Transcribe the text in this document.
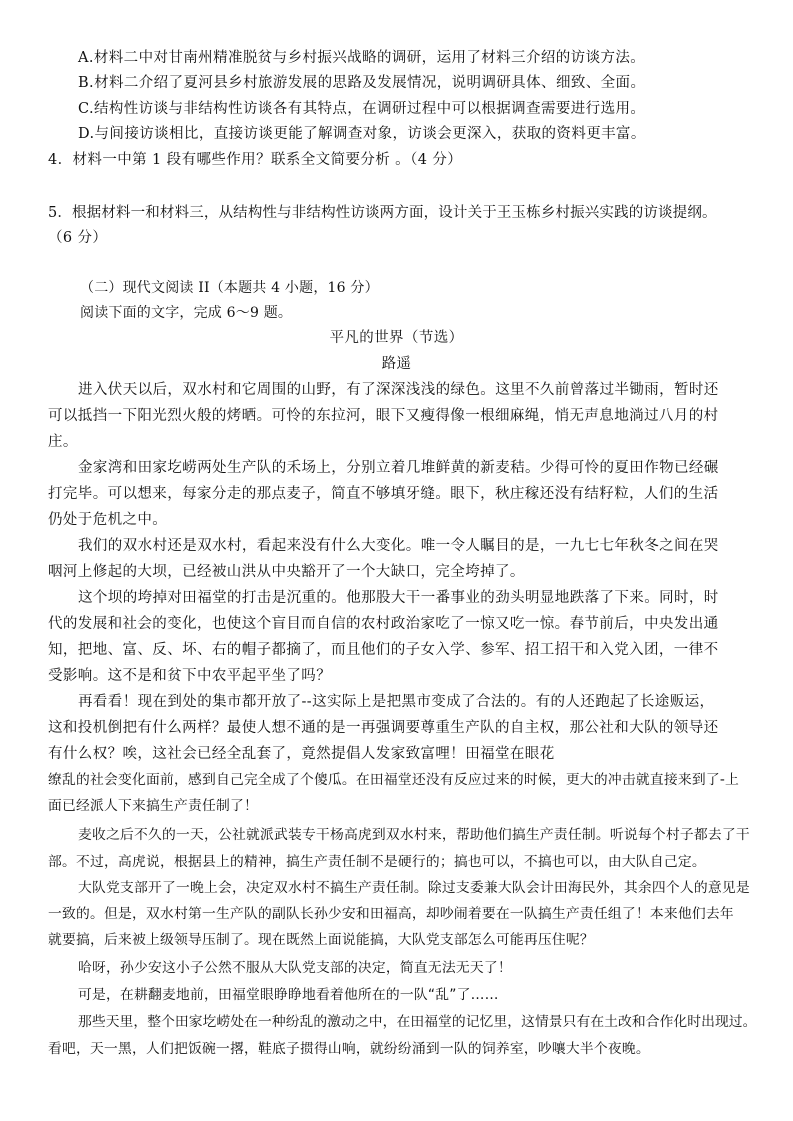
A.材料二中对甘南州精准脱贫与乡村振兴战略的调研，运用了材料三介绍的访谈方法。
B.材料二介绍了夏河县乡村旅游发展的思路及发展情况，说明调研具体、细致、全面。
C.结构性访谈与非结构性访谈各有其特点，在调研过程中可以根据调查需要进行选用。
D.与间接访谈相比，直接访谈更能了解调查对象，访谈会更深入，获取的资料更丰富。
4．材料一中第 1 段有哪些作用？联系全文简要分析 。（4 分）
5．根据材料一和材料三，从结构性与非结构性访谈两方面，设计关于王玉栋乡村振兴实践的访谈提纲。
（6 分）
（二）现代文阅读 II（本题共 4 小题，16 分）
阅读下面的文字，完成 6～9 题。
平凡的世界（节选）
路遥
进入伏天以后，双水村和它周围的山野，有了深深浅浅的绿色。这里不久前曾落过半锄雨，暂时还
可以抵挡一下阳光烈火般的烤晒。可怜的东拉河，眼下又瘦得像一根细麻绳，悄无声息地淌过八月的村
庄。
金家湾和田家圪崂两处生产队的禾场上，分别立着几堆鲜黄的新麦秸。少得可怜的夏田作物已经碾
打完毕。可以想来，每家分走的那点麦子，简直不够填牙缝。眼下，秋庄稼还没有结籽粒，人们的生活
仍处于危机之中。
我们的双水村还是双水村，看起来没有什么大变化。唯一令人瞩目的是，一九七七年秋冬之间在哭
咽河上修起的大坝，已经被山洪从中央豁开了一个大缺口，完全垮掉了。
这个坝的垮掉对田福堂的打击是沉重的。他那股大干一番事业的劲头明显地跌落了下来。同时，时
代的发展和社会的变化，也使这个盲目而自信的农村政治家吃了一惊又吃一惊。春节前后，中央发出通
知，把地、富、反、坏、右的帽子都摘了，而且他们的子女入学、参军、招工招干和入党入团，一律不
受影响。这不是和贫下中农平起平坐了吗？
再看看！现在到处的集市都开放了--这实际上是把黑市变成了合法的。有的人还跑起了长途贩运，
这和投机倒把有什么两样？最使人想不通的是一再强调要尊重生产队的自主权，那公社和大队的领导还
有什么权？唉，这社会已经全乱套了，竟然提倡人发家致富哩！田福堂在眼花
缭乱的社会变化面前，感到自己完全成了个傻瓜。在田福堂还没有反应过来的时候，更大的冲击就直接来到了-上
面已经派人下来搞生产责任制了！
麦收之后不久的一天，公社就派武装专干杨高虎到双水村来，帮助他们搞生产责任制。听说每个村子都去了干
部。不过，高虎说，根据县上的精神，搞生产责任制不是硬行的；搞也可以，不搞也可以，由大队自己定。
大队党支部开了一晚上会，决定双水村不搞生产责任制。除过支委兼大队会计田海民外，其余四个人的意见是
一致的。但是，双水村第一生产队的副队长孙少安和田福高，却吵闹着要在一队搞生产责任组了！本来他们去年
就要搞，后来被上级领导压制了。现在既然上面说能搞，大队党支部怎么可能再压住呢？
哈呀，孙少安这小子公然不服从大队党支部的决定，简直无法无天了！
可是，在耕翻麦地前，田福堂眼睁睁地看着他所在的一队“乱”了……
那些天里，整个田家圪崂处在一种纷乱的激动之中，在田福堂的记忆里，这情景只有在土改和合作化时出现过。
看吧，天一黑，人们把饭碗一撂，鞋底子掼得山响，就纷纷涌到一队的饲养室，吵嚷大半个夜晚。
